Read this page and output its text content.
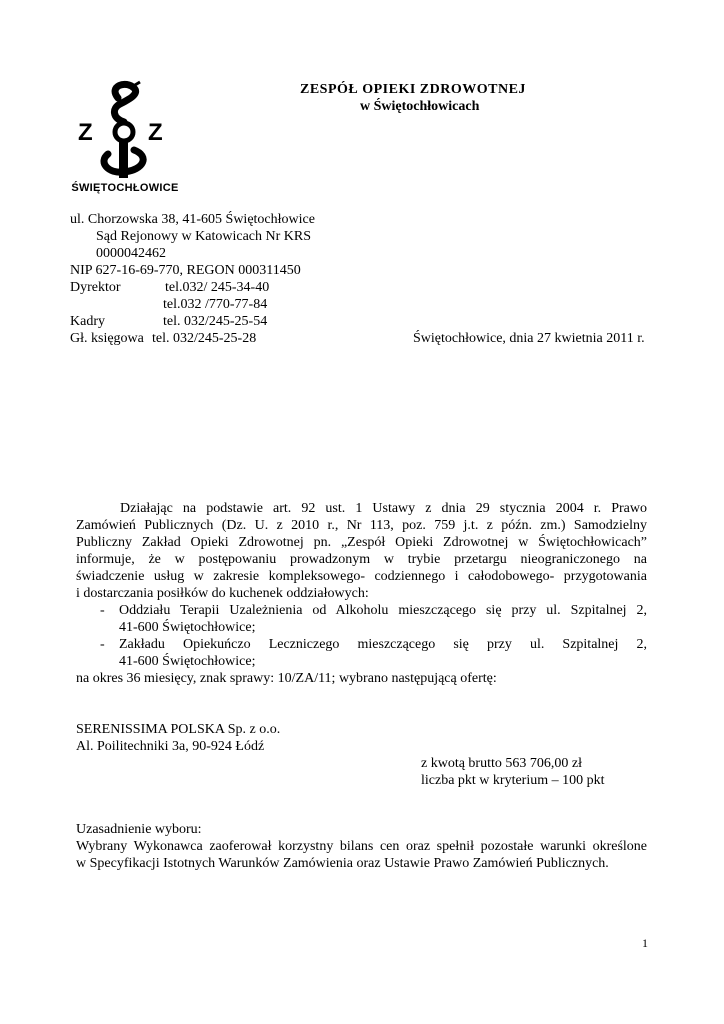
Z Z
ŚWIĘTOCHŁOWICE
ZESPÓŁ OPIEKI ZDROWOTNEJ
w Świętochłowicach
ul. Chorzowska 38, 41-605 Świętochłowice
Sąd Rejonowy w Katowicach Nr KRS
0000042462
NIP 627-16-69-770, REGON 000311450
Dyrektor	tel.032/ 245-34-40
tel.032 /770-77-84
Kadry	tel. 032/245-25-54
Gł. księgowa tel. 032/245-25-28	Świętochłowice, dnia 27 kwietnia 2011 r.
Działając na podstawie art. 92 ust. 1 Ustawy z dnia 29 stycznia 2004 r. Prawo
Zamówień Publicznych (Dz. U. z 2010 r., Nr 113, poz. 759 j.t. z późn. zm.) Samodzielny
Publiczny Zakład Opieki Zdrowotnej pn. „Zespół Opieki Zdrowotnej w Świętochłowicach”
informuje, że w postępowaniu prowadzonym w trybie przetargu nieograniczonego na
świadczenie usług w zakresie kompleksowego- codziennego i całodobowego- przygotowania
i dostarczania posiłków do kuchenek oddziałowych:
- Oddziału Terapii Uzależnienia od Alkoholu mieszczącego się przy ul. Szpitalnej 2,
41-600 Świętochłowice;
- Zakładu Opiekuńczo Leczniczego mieszczącego się przy ul. Szpitalnej 2,
41-600 Świętochłowice;
na okres 36 miesięcy, znak sprawy: 10/ZA/11; wybrano następującą ofertę:
SERENISSIMA POLSKA Sp. z o.o.
Al. Poilitechniki 3a, 90-924 Łódź
z kwotą brutto 563 706,00 zł
liczba pkt w kryterium – 100 pkt
Uzasadnienie wyboru:
Wybrany Wykonawca zaoferował korzystny bilans cen oraz spełnił pozostałe warunki określone
w Specyfikacji Istotnych Warunków Zamówienia oraz Ustawie Prawo Zamówień Publicznych.
1
